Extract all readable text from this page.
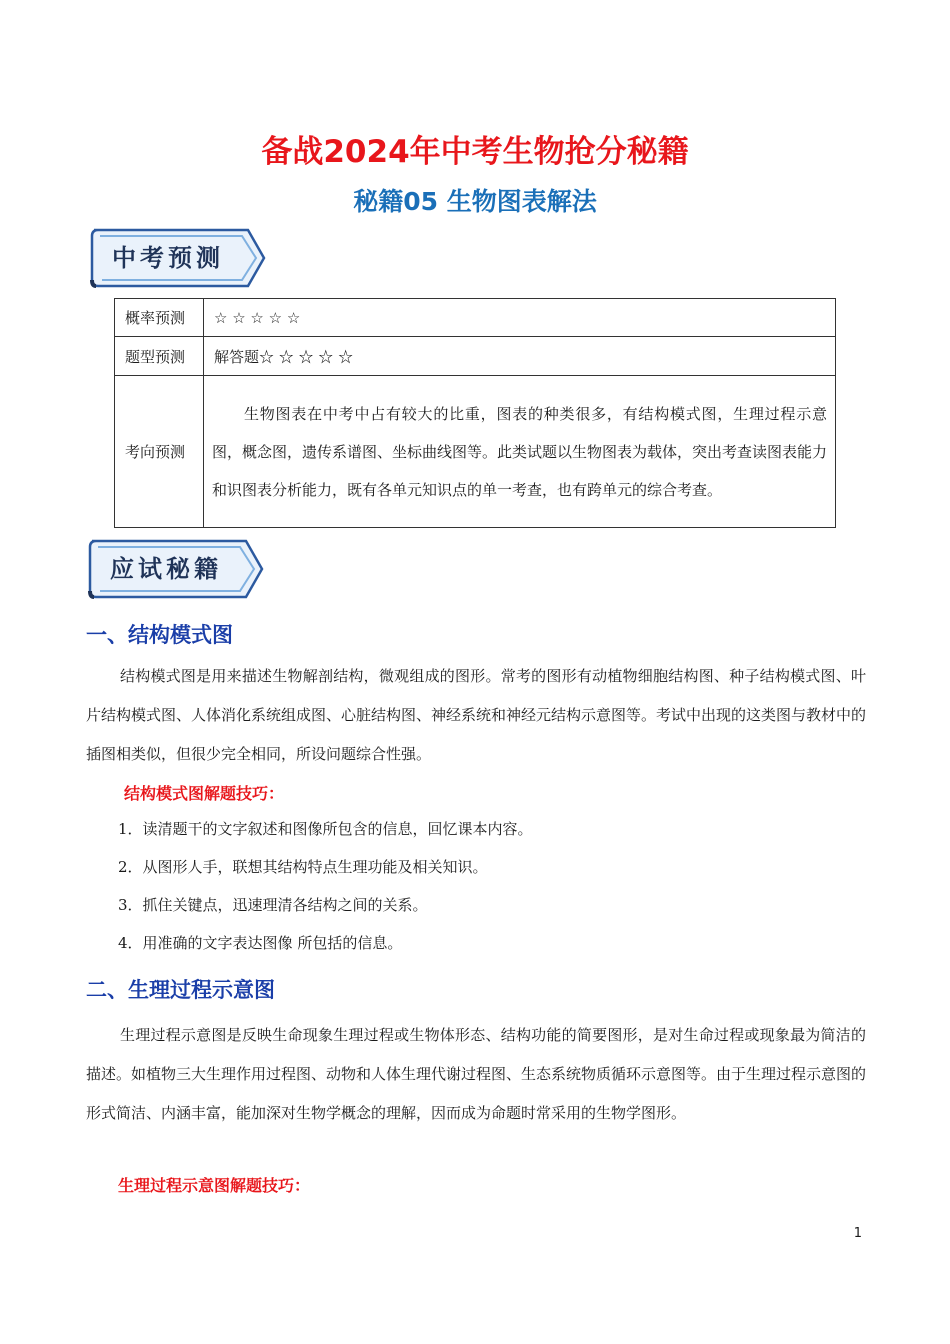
备战2024年中考生物抢分秘籍
秘籍05 生物图表解法
中考预测
概率预测	☆ ☆ ☆ ☆ ☆
题型预测	解答题☆ ☆ ☆ ☆ ☆
考向预测	生物图表在中考中占有较大的比重，图表的种类很多，有结构模式图，生理过程示意图，概念图，遗传系谱图、坐标曲线图等。此类试题以生物图表为载体，突出考查读图表能力和识图表分析能力，既有各单元知识点的单一考查，也有跨单元的综合考查。

应试秘籍
一、结构模式图

结构模式图是用来描述生物解剖结构，微观组成的图形。常考的图形有动植物细胞结构图、种子结构模式图、叶片结构模式图、人体消化系统组成图、心脏结构图、神经系统和神经元结构示意图等。考试中出现的这类图与教材中的插图相类似，但很少完全相同，所设问题综合性强。

结构模式图解题技巧：
1．读清题干的文字叙述和图像所包含的信息，回忆课本内容。
2．从图形人手，联想其结构特点生理功能及相关知识。
3．抓住关键点，迅速理清各结构之间的关系。
4．用准确的文字表达图像 所包括的信息。
二、生理过程示意图

生理过程示意图是反映生命现象生理过程或生物体形态、结构功能的简要图形，是对生命过程或现象最为简洁的描述。如植物三大生理作用过程图、动物和人体生理代谢过程图、生态系统物质循环示意图等。由于生理过程示意图的形式简洁、内涵丰富，能加深对生物学概念的理解，因而成为命题时常采用的生物学图形。

生理过程示意图解题技巧：
1
